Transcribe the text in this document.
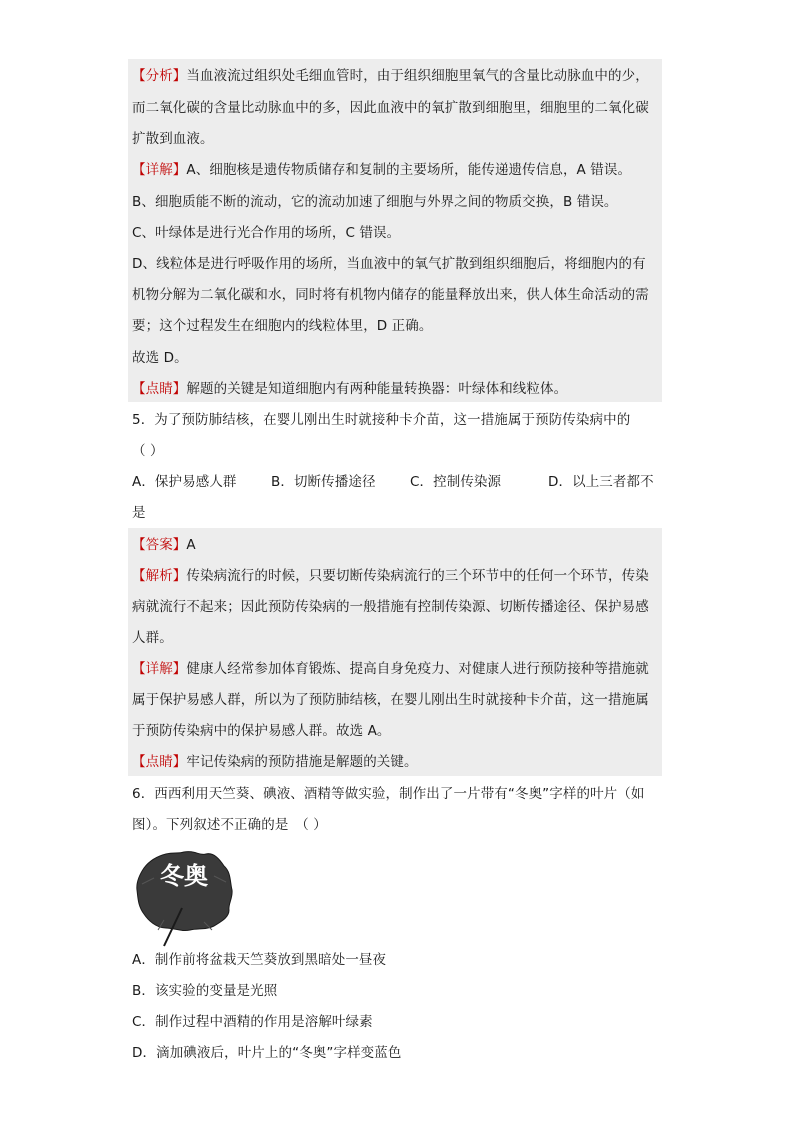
【分析】当血液流过组织处毛细血管时，由于组织细胞里氧气的含量比动脉血中的少，
而二氧化碳的含量比动脉血中的多，因此血液中的氧扩散到细胞里，细胞里的二氧化碳
扩散到血液。
【详解】A、细胞核是遗传物质储存和复制的主要场所，能传递遗传信息，A 错误。
B、细胞质能不断的流动，它的流动加速了细胞与外界之间的物质交换，B 错误。
C、叶绿体是进行光合作用的场所，C 错误。
D、线粒体是进行呼吸作用的场所，当血液中的氧气扩散到组织细胞后，将细胞内的有
机物分解为二氧化碳和水，同时将有机物内储存的能量释放出来，供人体生命活动的需
要；这个过程发生在细胞内的线粒体里，D 正确。
故选 D。
【点睛】解题的关键是知道细胞内有两种能量转换器：叶绿体和线粒体。
5．为了预防肺结核，在婴儿刚出生时就接种卡介苗，这一措施属于预防传染病中的
（ ）
A．保护易感人群	B．切断传播途径	C．控制传染源	D．以上三者都不
是
【答案】A
【解析】传染病流行的时候，只要切断传染病流行的三个环节中的任何一个环节，传染
病就流行不起来；因此预防传染病的一般措施有控制传染源、切断传播途径、保护易感
人群。
【详解】健康人经常参加体育锻炼、提高自身免疫力、对健康人进行预防接种等措施就
属于保护易感人群，所以为了预防肺结核，在婴儿刚出生时就接种卡介苗，这一措施属
于预防传染病中的保护易感人群。故选 A。
【点睛】牢记传染病的预防措施是解题的关键。
6．西西利用天竺葵、碘液、酒精等做实验，制作出了一片带有“冬奥”字样的叶片（如
图）。下列叙述不正确的是　（ ）
冬奥
A．制作前将盆栽天竺葵放到黑暗处一昼夜
B．该实验的变量是光照
C．制作过程中酒精的作用是溶解叶绿素
D．滴加碘液后，叶片上的“冬奥”字样变蓝色
